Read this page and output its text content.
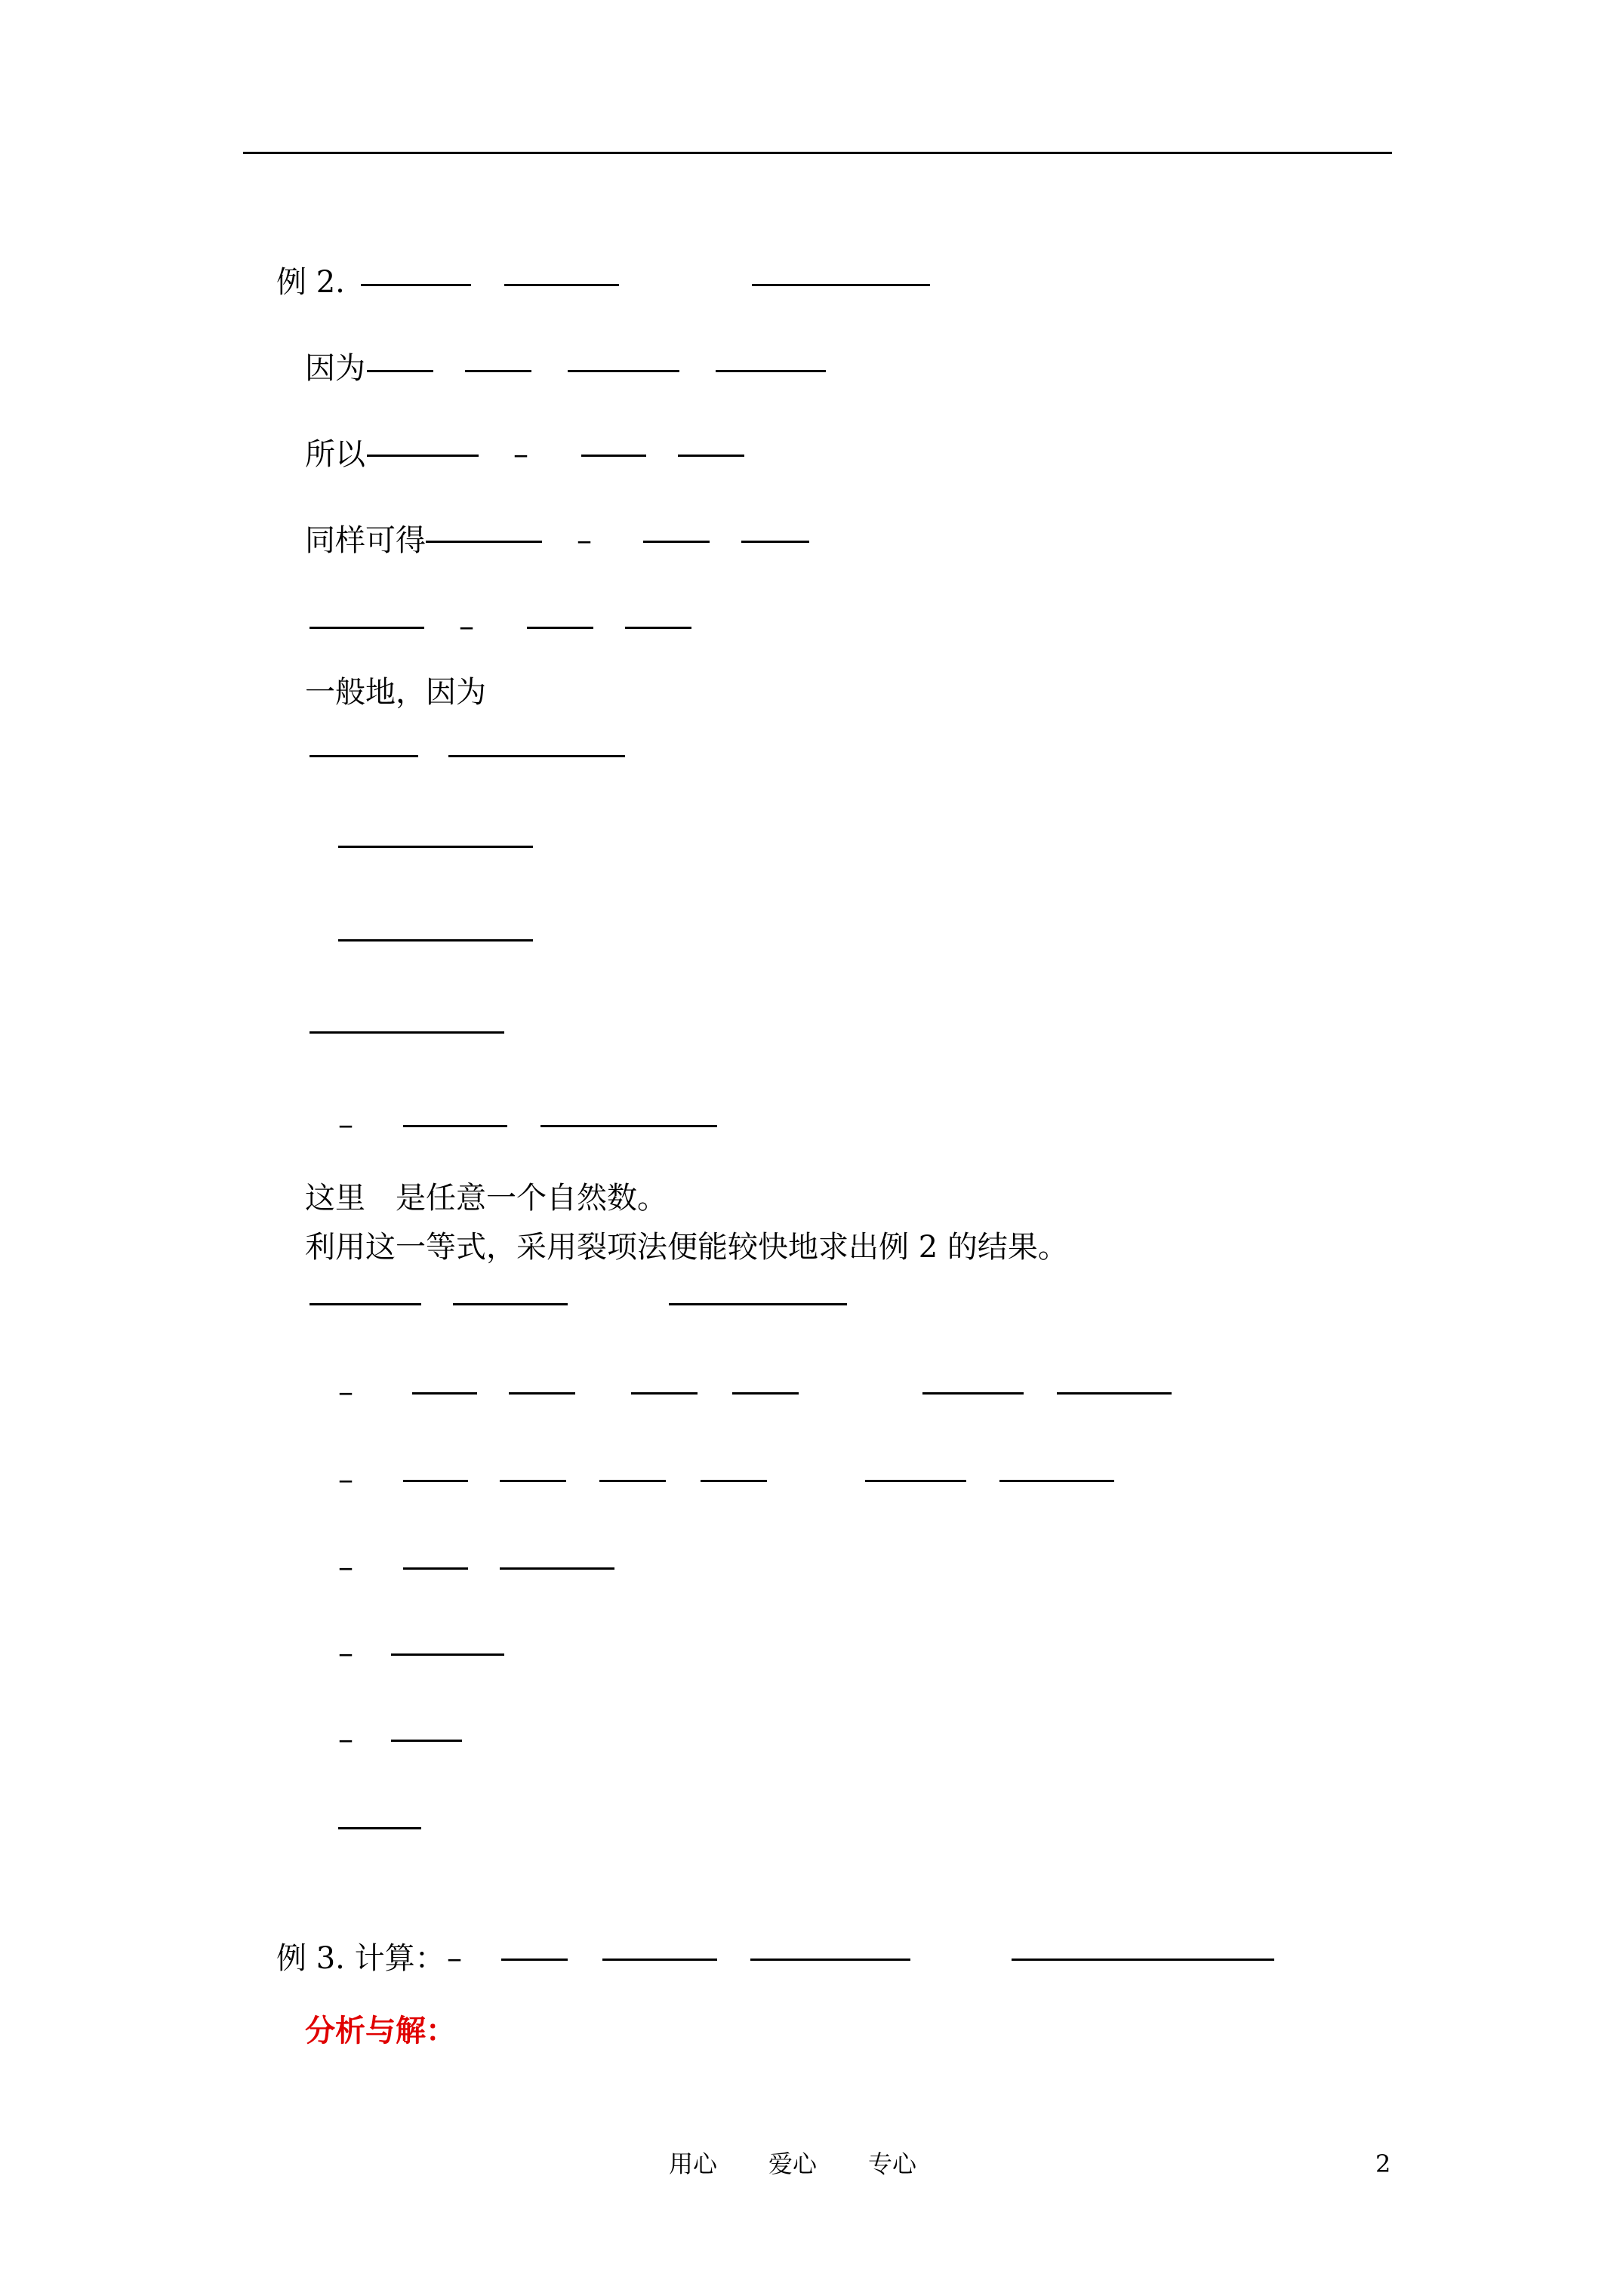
例 2.
因为
所以	–
同样可得	–
–
一般地，因为
–
这里　是任意一个自然数。
利用这一等式，采用裂项法便能较快地求出例 2 的结果。
–
–
–
–
–
例 3. 计算： –
分析与解：
用心 爱心 专心	2
